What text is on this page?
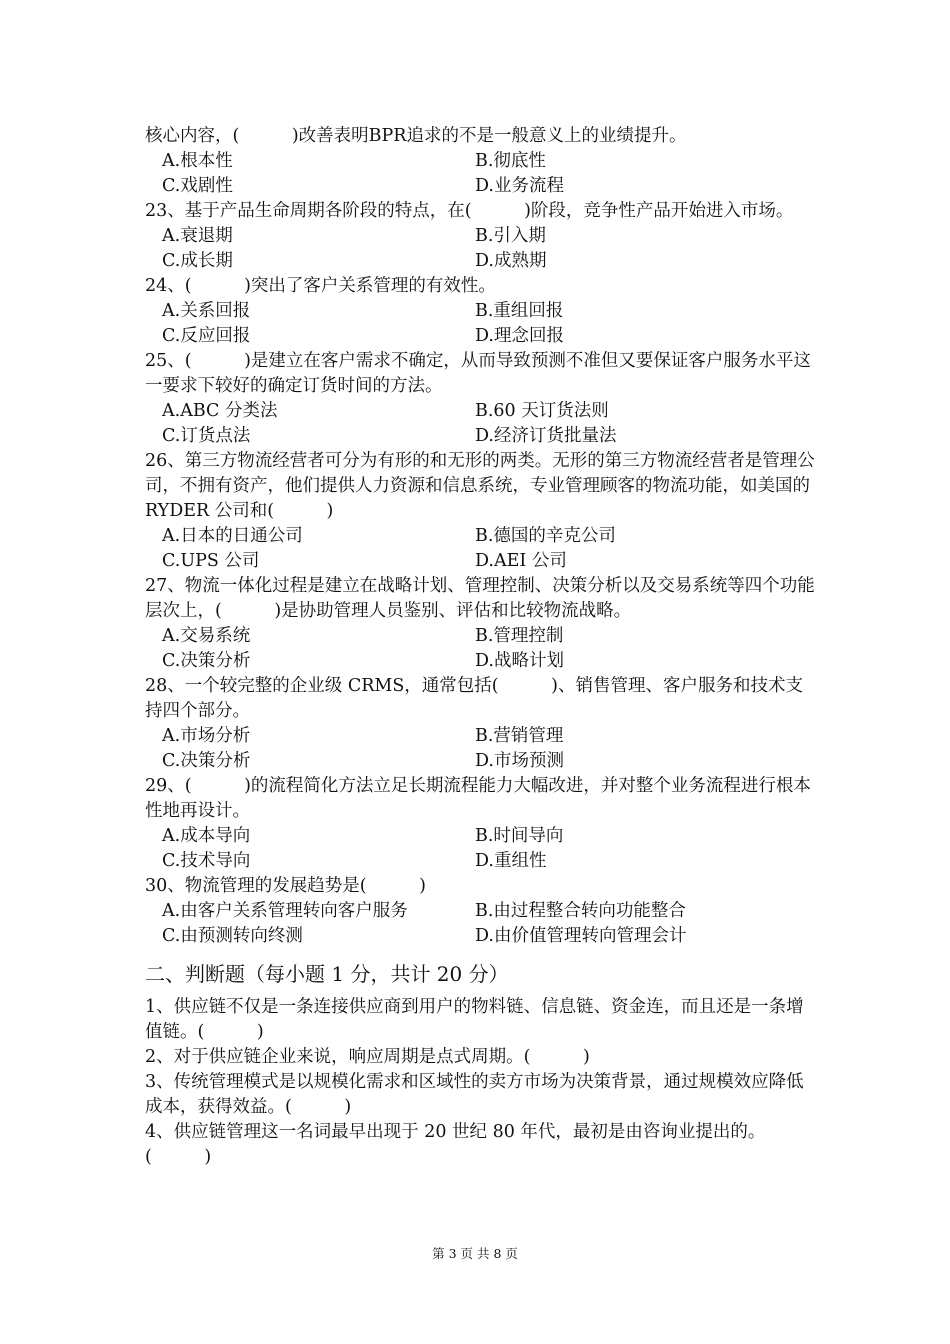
核心内容，(　　　)改善表明BPR追求的不是一般意义上的业绩提升。
A.根本性	B.彻底性
C.戏剧性	D.业务流程
23、基于产品生命周期各阶段的特点，在(　　　)阶段，竞争性产品开始进入市场。
A.衰退期	B.引入期
C.成长期	D.成熟期
24、(　　　)突出了客户关系管理的有效性。
A.关系回报	B.重组回报
C.反应回报	D.理念回报
25、(　　　)是建立在客户需求不确定，从而导致预测不准但又要保证客户服务水平这一要求下较好的确定订货时间的方法。
A.ABC 分类法	B.60 天订货法则
C.订货点法	D.经济订货批量法
26、第三方物流经营者可分为有形的和无形的两类。无形的第三方物流经营者是管理公司，不拥有资产，他们提供人力资源和信息系统，专业管理顾客的物流功能，如美国的 RYDER 公司和(　　　)
A.日本的日通公司	B.德国的辛克公司
C.UPS 公司	D.AEI 公司
27、物流一体化过程是建立在战略计划、管理控制、决策分析以及交易系统等四个功能层次上，(　　　)是协助管理人员鉴别、评估和比较物流战略。
A.交易系统	B.管理控制
C.决策分析	D.战略计划
28、一个较完整的企业级 CRMS，通常包括(　　　)、销售管理、客户服务和技术支持四个部分。
A.市场分析	B.营销管理
C.决策分析	D.市场预测
29、(　　　)的流程简化方法立足长期流程能力大幅改进，并对整个业务流程进行根本性地再设计。
A.成本导向	B.时间导向
C.技术导向	D.重组性
30、物流管理的发展趋势是(　　　)
A.由客户关系管理转向客户服务	B.由过程整合转向功能整合
C.由预测转向终测	D.由价值管理转向管理会计
二、判断题（每小题 1 分，共计 20 分）
1、供应链不仅是一条连接供应商到用户的物料链、信息链、资金连，而且还是一条增值链。(　　　)
2、对于供应链企业来说，响应周期是点式周期。(　　　)
3、传统管理模式是以规模化需求和区域性的卖方市场为决策背景，通过规模效应降低成本，获得效益。(　　　)
4、供应链管理这一名词最早出现于 20 世纪 80 年代，最初是由咨询业提出的。(　　　)
第 3 页 共 8 页
